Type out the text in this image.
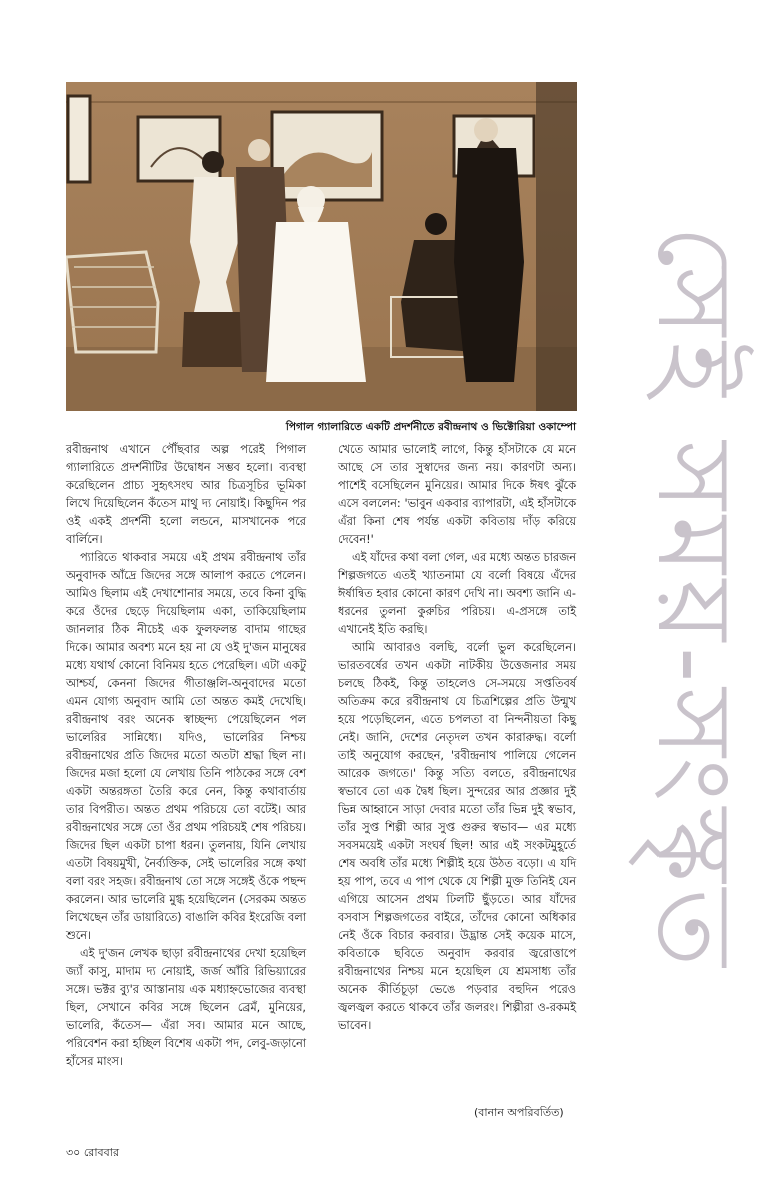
পিগাল গ্যালারিতে একটি প্রদর্শনীতে রবীন্দ্রনাথ ও ভিক্টোরিয়া ওকাম্পো

রবীন্দ্রনাথ এখানে পৌঁছবার অল্প পরেই পিগাল গ্যালারিতে প্রদর্শনীটির উদ্বোধন সম্ভব হলো। ব্যবস্থা করেছিলেন প্রাচ্য সুহৃৎসংঘ আর চিত্রসূচির ভূমিকা লিখে দিয়েছিলেন কঁতেস মাথু দ্য নোয়াই। কিছুদিন পর ওই একই প্রদর্শনী হলো লন্ডনে, মাসখানেক পরে বার্লিনে।

প্যারিতে থাকবার সময়ে এই প্রথম রবীন্দ্রনাথ তাঁর অনুবাদক আঁদ্রে জিদের সঙ্গে আলাপ করতে পেলেন। আমিও ছিলাম এই দেখাশোনার সময়ে, তবে কিনা বুদ্ধি করে ওঁদের ছেড়ে দিয়েছিলাম একা, তাকিয়েছিলাম জানলার ঠিক নীচেই এক ফুলফলন্ত বাদাম গাছের দিকে। আমার অবশ্য মনে হয় না যে ওই দু'জন মানুষের মধ্যে যথার্থ কোনো বিনিময় হতে পেরেছিল। এটা একটু আশ্চর্য, কেননা জিদের গীতাঞ্জলি-অনুবাদের মতো এমন যোগ্য অনুবাদ আমি তো অন্তত কমই দেখেছি। রবীন্দ্রনাথ বরং অনেক স্বাচ্ছন্দ্য পেয়েছিলেন পল ভালেরির সান্নিধ্যে। যদিও, ভালেরির নিশ্চয় রবীন্দ্রনাথের প্রতি জিদের মতো অতটা শ্রদ্ধা ছিল না। জিদের মজা হলো যে লেখায় তিনি পাঠকের সঙ্গে বেশ একটা অন্তরঙ্গতা তৈরি করে নেন, কিন্তু কথাবার্তায় তার বিপরীত। অন্তত প্রথম পরিচয়ে তো বটেই। আর রবীন্দ্রনাথের সঙ্গে তো ওঁর প্রথম পরিচয়ই শেষ পরিচয়। জিদের ছিল একটা চাপা ধরন। তুলনায়, যিনি লেখায় এতটা বিষয়মুখী, নৈর্ব্যক্তিক, সেই ভালেরির সঙ্গে কথা বলা বরং সহজ। রবীন্দ্রনাথ তো সঙ্গে সঙ্গেই ওঁকে পছন্দ করলেন। আর ভালেরি মুগ্ধ হয়েছিলেন (সেরকম অন্তত লিখেছেন তাঁর ডায়ারিতে) বাঙালি কবির ইংরেজি বলা শুনে।

এই দু'জন লেখক ছাড়া রবীন্দ্রনাথের দেখা হয়েছিল জ্যাঁ কাসু, মাদাম দ্য নোয়াই, জর্জ আঁরি রিভিয়্যারের সঙ্গে। ভক্টর ব্যু'র আস্তানায় এক মধ্যাহ্নভোজের ব্যবস্থা ছিল, সেখানে কবির সঙ্গে ছিলেন ব্রেমঁ, মুনিয়ের, ভালেরি, কঁতেস— এঁরা সব। আমার মনে আছে, পরিবেশন করা হচ্ছিল বিশেষ একটা পদ, লেবু-জড়ানো হাঁসের মাংস।

খেতে আমার ভালোই লাগে, কিন্তু হাঁসটাকে যে মনে আছে সে তার সুস্বাদের জন্য নয়। কারণটা অন্য। পাশেই বসেছিলেন মুনিয়ের। আমার দিকে ঈষৎ ঝুঁকে এসে বললেন: 'ভাবুন একবার ব্যাপারটা, এই হাঁসটাকে এঁরা কিনা শেষ পর্যন্ত একটা কবিতায় দাঁড় করিয়ে দেবেন!'

এই যাঁদের কথা বলা গেল, এর মধ্যে অন্তত চারজন শিল্পজগতে এতই খ্যাতনামা যে বর্লো বিষয়ে এঁদের ঈর্ষান্বিত হবার কোনো কারণ দেখি না। অবশ্য জানি এ-ধরনের তুলনা কুরুচির পরিচয়। এ-প্রসঙ্গে তাই এখানেই ইতি করছি।

আমি আবারও বলছি, বর্লো ভুল করেছিলেন। ভারতবর্ষের তখন একটা নাটকীয় উত্তেজনার সময় চলছে ঠিকই, কিন্তু তাহলেও সে-সময়ে সপ্ততিবর্ষ অতিক্রম করে রবীন্দ্রনাথ যে চিত্রশিল্পের প্রতি উন্মুখ হয়ে পড়েছিলেন, এতে চপলতা বা নিন্দনীয়তা কিছু নেই। জানি, দেশের নেতৃদল তখন কারারুদ্ধ। বর্লো তাই অনুযোগ করছেন, 'রবীন্দ্রনাথ পালিয়ে গেলেন আরেক জগতে।' কিন্তু সত্যি বলতে, রবীন্দ্রনাথের স্বভাবে তো এক দ্বৈধ ছিল। সুন্দরের আর প্রজ্ঞার দুই ভিন্ন আহ্বানে সাড়া দেবার মতো তাঁর ভিন্ন দুই স্বভাব, তাঁর সুপ্ত শিল্পী আর সুপ্ত গুরুর স্বভাব— এর মধ্যে সবসময়েই একটা সংঘর্ষ ছিল! আর এই সংকটমুহূর্তে শেষ অবধি তাঁর মধ্যে শিল্পীই হয়ে উঠত বড়ো। এ যদি হয় পাপ, তবে এ পাপ থেকে যে শিল্পী মুক্ত তিনিই যেন এগিয়ে আসেন প্রথম ঢিলটি ছুঁড়তে। আর যাঁদের বসবাস শিল্পজগতের বাইরে, তাঁদের কোনো অধিকার নেই ওঁকে বিচার করবার। উদ্ভ্রান্ত সেই কয়েক মাসে, কবিতাকে ছবিতে অনুবাদ করবার জ্বরোত্তাপে রবীন্দ্রনাথের নিশ্চয় মনে হয়েছিল যে শ্রমসাধ্য তাঁর অনেক কীর্তিচূড়া ভেঙে পড়বার বহুদিন পরেও জ্বলজ্বল করতে থাকবে তাঁর জলরং। শিল্পীরা ও-রকমই ভাবেন।

(বানান অপরিবর্তিত)
৩০ রোববার
সেই সময়-সংস্কৃত
